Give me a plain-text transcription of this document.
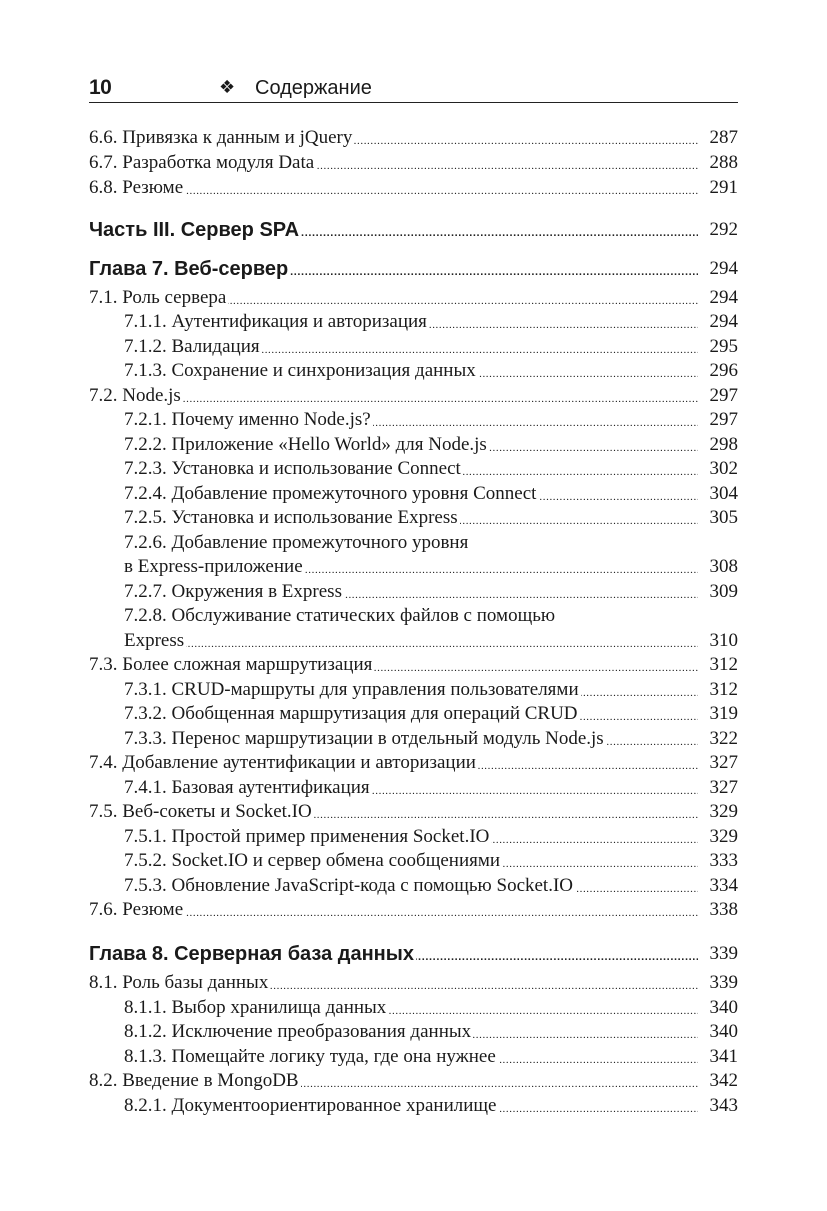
10	❖ Содержание
6.6. Привязка к данным и jQuery .....	287
6.7. Разработка модуля Data .....	288
6.8. Резюме .....	291
Часть III. Сервер SPA .....	292
Глава 7. Веб-сервер .....	294
7.1. Роль сервера .....	294
7.1.1. Аутентификация и авторизация .....	294
7.1.2. Валидация .....	295
7.1.3. Сохранение и синхронизация данных .....	296
7.2. Node.js .....	297
7.2.1. Почему именно Node.js? .....	297
7.2.2. Приложение «Hello World» для Node.js .....	298
7.2.3. Установка и использование Connect .....	302
7.2.4. Добавление промежуточного уровня Connect .....	304
7.2.5. Установка и использование Express .....	305
7.2.6. Добавление промежуточного уровня
в Express-приложение .....	308
7.2.7. Окружения в Express .....	309
7.2.8. Обслуживание статических файлов с помощью
Express .....	310
7.3. Более сложная маршрутизация .....	312
7.3.1. CRUD-маршруты для управления пользователями .....	312
7.3.2. Обобщенная маршрутизация для операций CRUD .....	319
7.3.3. Перенос маршрутизации в отдельный модуль Node.js .....	322
7.4. Добавление аутентификации и авторизации .....	327
7.4.1. Базовая аутентификация .....	327
7.5. Веб-сокеты и Socket.IO .....	329
7.5.1. Простой пример применения Socket.IO .....	329
7.5.2. Socket.IO и сервер обмена сообщениями .....	333
7.5.3. Обновление JavaScript-кода с помощью Socket.IO .....	334
7.6. Резюме .....	338
Глава 8. Серверная база данных .....	339
8.1. Роль базы данных .....	339
8.1.1. Выбор хранилища данных .....	340
8.1.2. Исключение преобразования данных .....	340
8.1.3. Помещайте логику туда, где она нужнее .....	341
8.2. Введение в MongoDB .....	342
8.2.1. Документоориентированное хранилище .....	343
